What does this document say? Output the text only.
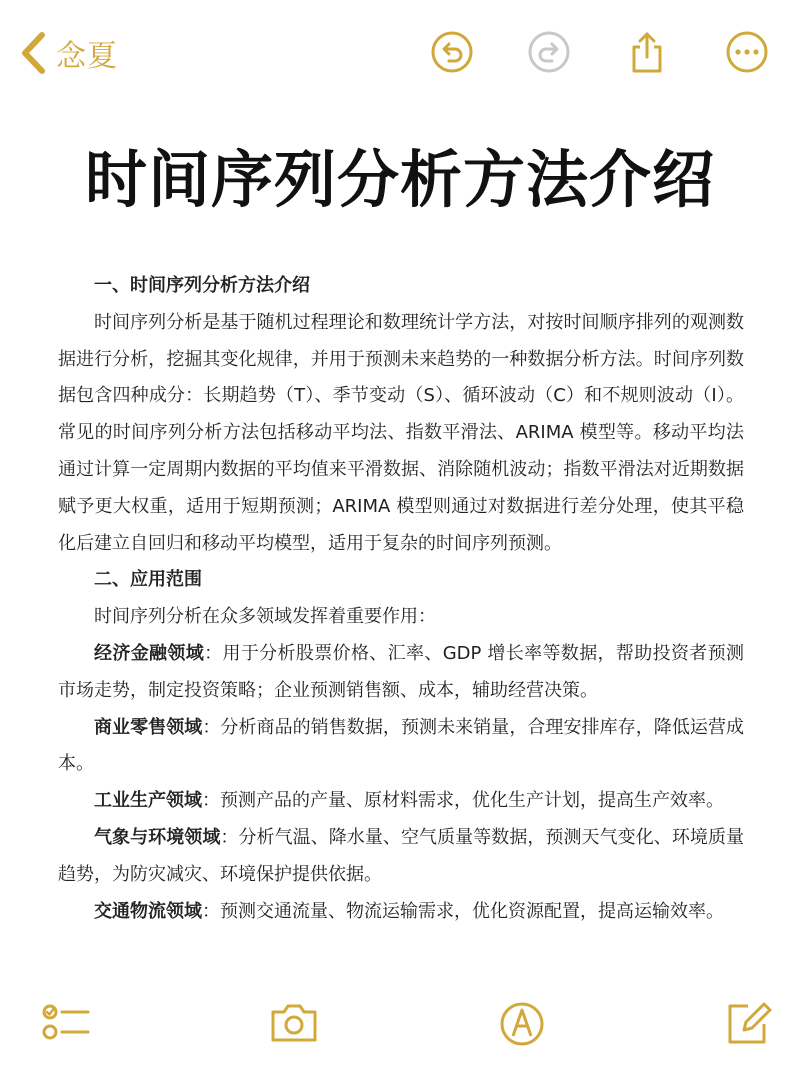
念夏
时间序列分析方法介绍

一、时间序列分析方法介绍

时间序列分析是基于随机过程理论和数理统计学方法，对按时间顺序排列的观测数据进行分析，挖掘其变化规律，并用于预测未来趋势的一种数据分析方法。时间序列数据包含四种成分：长期趋势（T）、季节变动（S）、循环波动（C）和不规则波动（I）。常见的时间序列分析方法包括移动平均法、指数平滑法、ARIMA 模型等。移动平均法通过计算一定周期内数据的平均值来平滑数据、消除随机波动；指数平滑法对近期数据赋予更大权重，适用于短期预测；ARIMA 模型则通过对数据进行差分处理，使其平稳化后建立自回归和移动平均模型，适用于复杂的时间序列预测。

二、应用范围

时间序列分析在众多领域发挥着重要作用：

经济金融领域：用于分析股票价格、汇率、GDP 增长率等数据，帮助投资者预测市场走势，制定投资策略；企业预测销售额、成本，辅助经营决策。

商业零售领域：分析商品的销售数据，预测未来销量，合理安排库存，降低运营成本。

工业生产领域：预测产品的产量、原材料需求，优化生产计划，提高生产效率。

气象与环境领域：分析气温、降水量、空气质量等数据，预测天气变化、环境质量趋势，为防灾减灾、环境保护提供依据。

交通物流领域：预测交通流量、物流运输需求，优化资源配置，提高运输效率。
